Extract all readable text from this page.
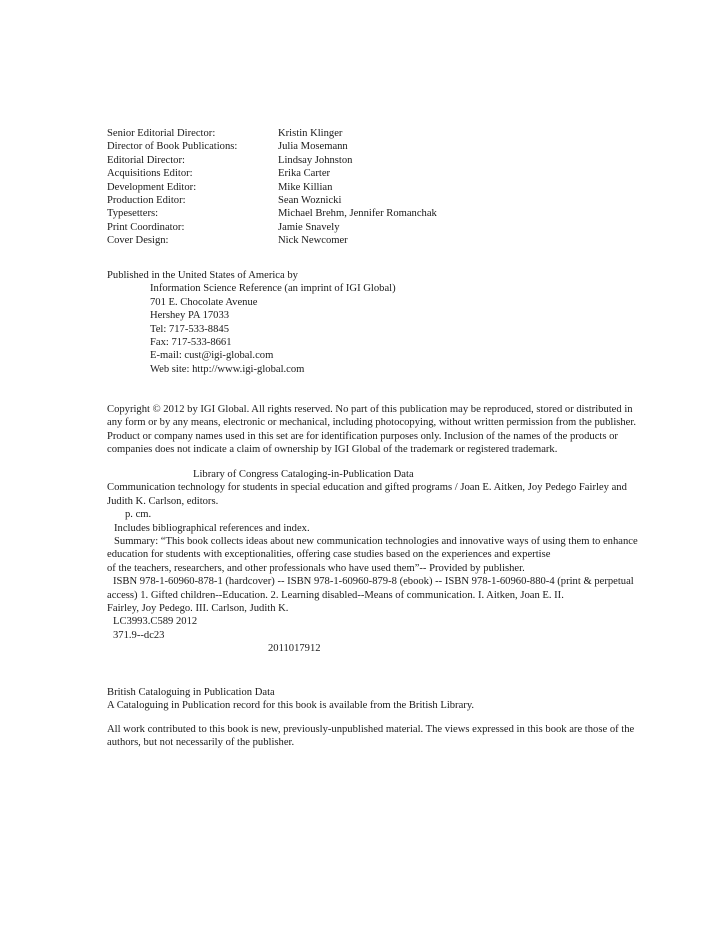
Senior Editorial Director:	Kristin Klinger
Director of Book Publications:	Julia Mosemann
Editorial Director:	Lindsay Johnston
Acquisitions Editor:	Erika Carter
Development Editor:	Mike Killian
Production Editor:	Sean Woznicki
Typesetters:	Michael Brehm, Jennifer Romanchak
Print Coordinator:	Jamie Snavely
Cover Design:	Nick Newcomer
Published in the United States of America by
Information Science Reference (an imprint of IGI Global)
701 E. Chocolate Avenue
Hershey PA 17033
Tel: 717-533-8845
Fax: 717-533-8661
E-mail: cust@igi-global.com
Web site: http://www.igi-global.com
Copyright © 2012 by IGI Global. All rights reserved. No part of this publication may be reproduced, stored or distributed in
any form or by any means, electronic or mechanical, including photocopying, without written permission from the publisher.
Product or company names used in this set are for identification purposes only. Inclusion of the names of the products or
companies does not indicate a claim of ownership by IGI Global of the trademark or registered trademark.
Library of Congress Cataloging-in-Publication Data
Communication technology for students in special education and gifted programs / Joan E. Aitken, Joy Pedego Fairley and
Judith K. Carlson, editors.
p. cm.
Includes bibliographical references and index.
Summary: “This book collects ideas about new communication technologies and innovative ways of using them to enhance
education for students with exceptionalities, offering case studies based on the experiences and expertise
of the teachers, researchers, and other professionals who have used them”-- Provided by publisher.
ISBN 978-1-60960-878-1 (hardcover) -- ISBN 978-1-60960-879-8 (ebook) -- ISBN 978-1-60960-880-4 (print & perpetual
access) 1. Gifted children--Education. 2. Learning disabled--Means of communication. I. Aitken, Joan E. II.
Fairley, Joy Pedego. III. Carlson, Judith K.
LC3993.C589 2012
371.9--dc23
2011017912
British Cataloguing in Publication Data
A Cataloguing in Publication record for this book is available from the British Library.
All work contributed to this book is new, previously-unpublished material. The views expressed in this book are those of the
authors, but not necessarily of the publisher.
